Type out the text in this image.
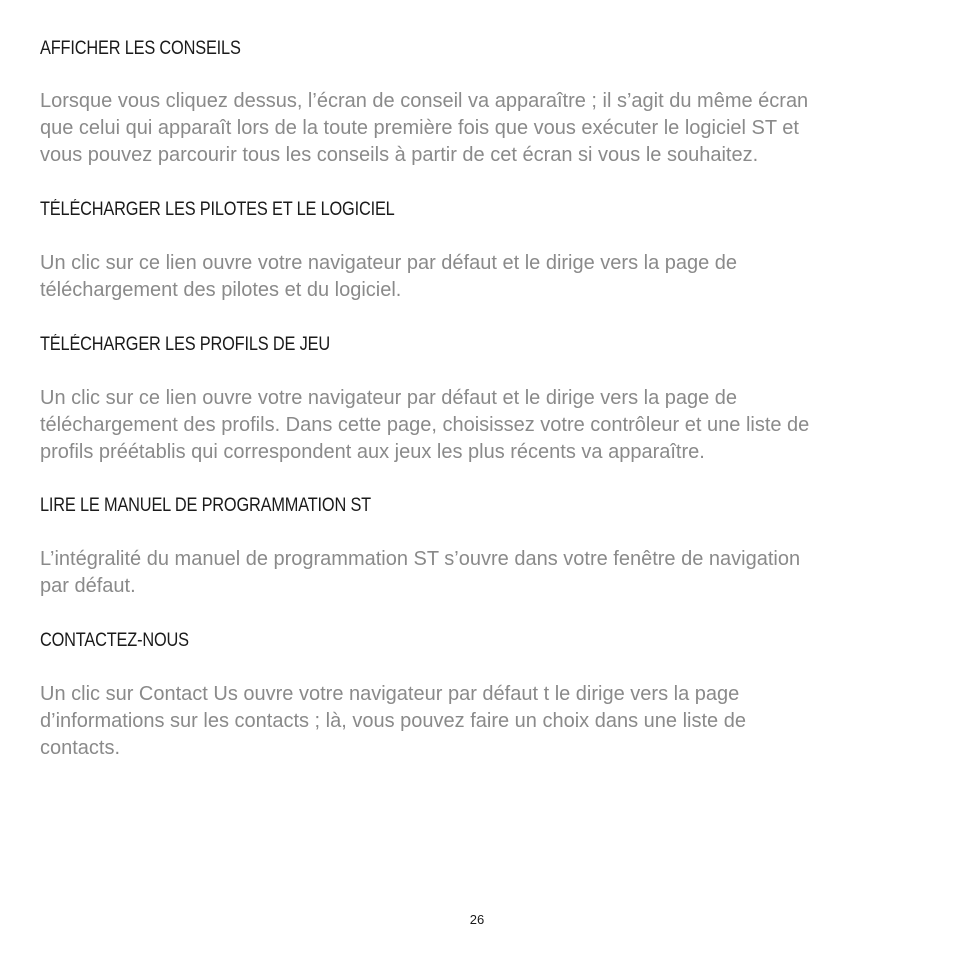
AFFICHER LES CONSEILS

Lorsque vous cliquez dessus, l’écran de conseil va apparaître ; il s’agit du même écran
que celui qui apparaît lors de la toute première fois que vous exécuter le logiciel ST et
vous pouvez parcourir tous les conseils à partir de cet écran si vous le souhaitez.

TÉLÉCHARGER LES PILOTES ET LE LOGICIEL

Un clic sur ce lien ouvre votre navigateur par défaut et le dirige vers la page de
téléchargement des pilotes et du logiciel.

TÉLÉCHARGER LES PROFILS DE JEU

Un clic sur ce lien ouvre votre navigateur par défaut et le dirige vers la page de
téléchargement des profils. Dans cette page, choisissez votre contrôleur et une liste de
profils préétablis qui correspondent aux jeux les plus récents va apparaître.

LIRE LE MANUEL DE PROGRAMMATION ST

L’intégralité du manuel de programmation ST s’ouvre dans votre fenêtre de navigation
par défaut.

CONTACTEZ-NOUS

Un clic sur Contact Us ouvre votre navigateur par défaut t le dirige vers la page
d’informations sur les contacts ; là, vous pouvez faire un choix dans une liste de
contacts.

26
